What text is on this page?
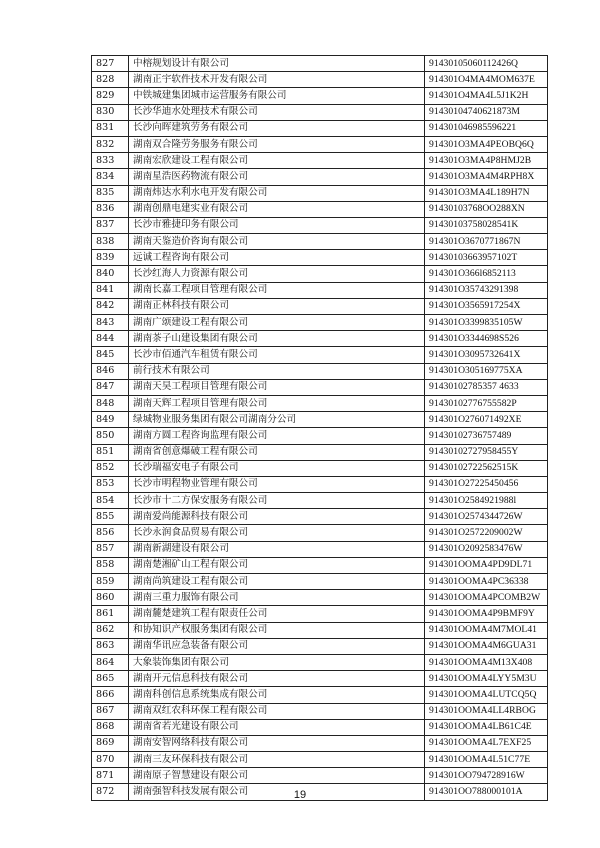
827	中榕规划设计有限公司	91430105060112426Q
828	湖南正宇软件技术开发有限公司	914301O4MA4MOM637E
829	中铁城建集团城市运营服务有限公司	914301O4MA4L5J1K2H
830	长沙华迪水处理技术有限公司	91430104740621873M
831	长沙向晖建筑劳务有限公司	914301046985596221
832	湖南双合隆劳务服务有限公司	914301O3MA4PEOBQ6Q
833	湖南宏欣建设工程有限公司	914301O3MA4P8HMJ2B
834	湖南星浩医药物流有限公司	914301O3MA4M4RPH8X
835	湖南炜达水利水电开发有限公司	914301O3MA4L189H7N
836	湖南创鼎电建实业有限公司	91430103768OO288XN
837	长沙市雅捷印务有限公司	91430103758028541K
838	湖南天鉴造价咨询有限公司	914301O3670771867N
839	远诚工程咨询有限公司	91430103663957102T
840	长沙红海人力资源有限公司	914301O366l6852113
841	湖南长嘉工程项目管理有限公司	914301O35743291398
842	湖南正林科技有限公司	914301O3565917254X
843	湖南广颂建设工程有限公司	914301O3399835105W
844	湖南茶子山建设集团有限公司	914301O3344698S526
845	长沙市佰通汽车租赁有限公司	914301O3095732641X
846	前行技术有限公司	914301O305169775XA
847	湖南天昊工程项目管理有限公司	91430102785357 4633
848	湖南天辉工程项目管理有限公司	91430102776755582P
849	绿城物业服务集团有限公司湖南分公司	914301O276071492XE
850	湖南方圆工程咨询监理有限公司	91430102736757489
851	湖南省创意爆破工程有限公司	91430102727958455Y
852	长沙瑞福安电子有限公司	91430102722562515K
853	长沙市明程物业管理有限公司	914301O27225450456
854	长沙市十二方保安服务有限公司	914301O2584921988l
855	湖南爱尚能源科技有限公司	914301O2574344726W
856	长沙永润食品贸易有限公司	914301O2572209002W
857	湖南新湖建设有限公司	914301O2092583476W
858	湖南楚湘矿山工程有限公司	914301OOMA4PD9DL71
859	湖南尚筑建设工程有限公司	914301OOMA4PC36338
860	湖南三重力服饰有限公司	914301OOMA4PCOMB2W
861	湖南麓楚建筑工程有限责任公司	914301OOMA4P9BMF9Y
862	和协知识产权服务集团有限公司	914301OOMA4M7MOL41
863	湖南华讯应急装备有限公司	914301OOMA4M6GUA31
864	大象装饰集团有限公司	914301OOMA4M13X408
865	湖南开元信息科技有限公司	914301OOMA4LYY5M3U
866	湖南科创信息系统集成有限公司	914301OOMA4LUTCQ5Q
867	湖南双红农科环保工程有限公司	914301OOMA4LL4RBOG
868	湖南省若光建设有限公司	914301OOMA4LB61C4E
869	湖南安智网络科技有限公司	914301OOMA4L7EXF25
870	湖南三友环保科技有限公司	914301OOMA4L51C77E
871	湖南原子智慧建设有限公司	914301OO794728916W
872	湖南强智科技发展有限公司	914301OO788000101A
19
